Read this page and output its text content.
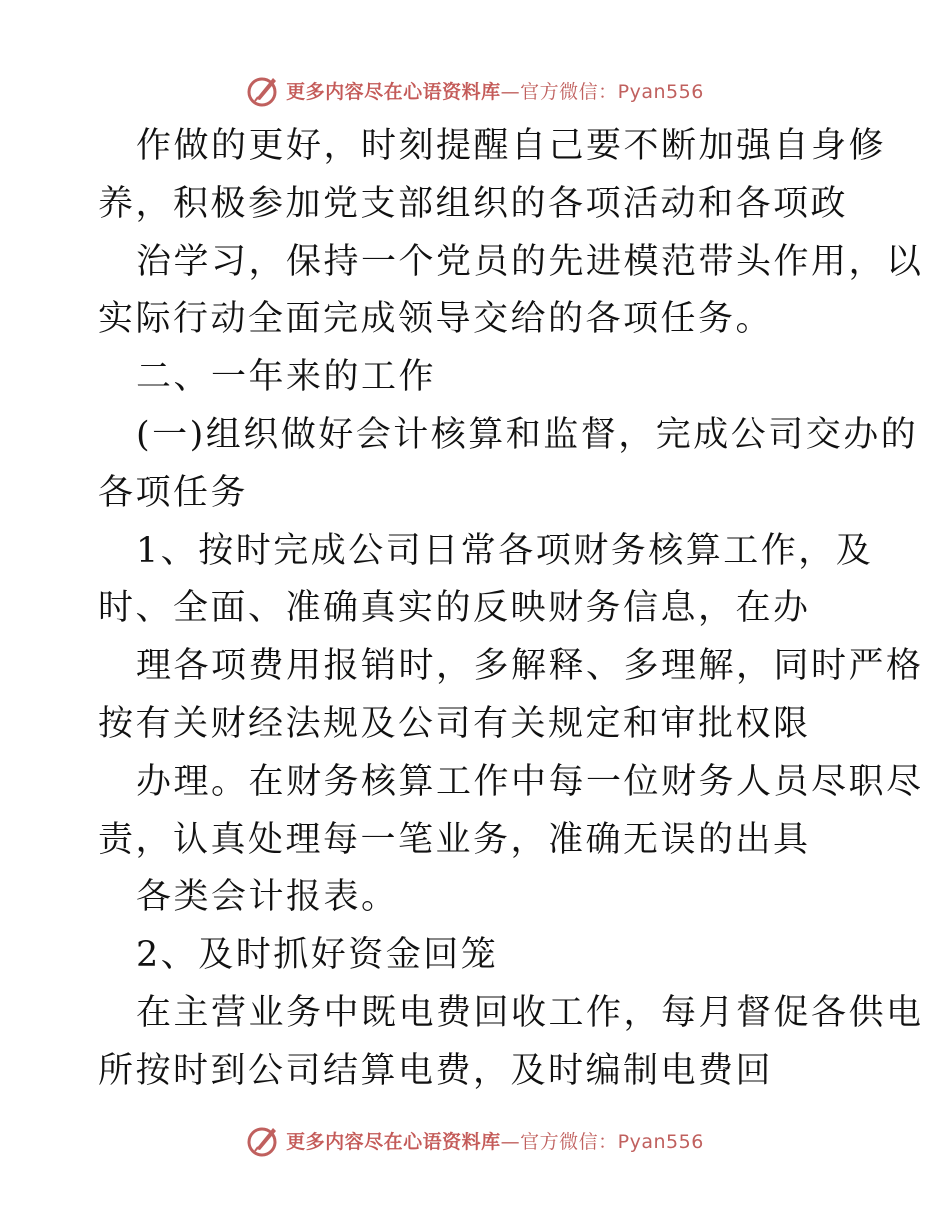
更多内容尽在心语资料库—官方微信：Pyan556
作做的更好，时刻提醒自己要不断加强自身修
养，积极参加党支部组织的各项活动和各项政
治学习，保持一个党员的先进模范带头作用，以
实际行动全面完成领导交给的各项任务。
二、一年来的工作
(一)组织做好会计核算和监督，完成公司交办的
各项任务
1、按时完成公司日常各项财务核算工作，及
时、全面、准确真实的反映财务信息，在办
理各项费用报销时，多解释、多理解，同时严格
按有关财经法规及公司有关规定和审批权限
办理。在财务核算工作中每一位财务人员尽职尽
责，认真处理每一笔业务，准确无误的出具
各类会计报表。
2、及时抓好资金回笼
在主营业务中既电费回收工作，每月督促各供电
所按时到公司结算电费，及时编制电费回
更多内容尽在心语资料库—官方微信：Pyan556
